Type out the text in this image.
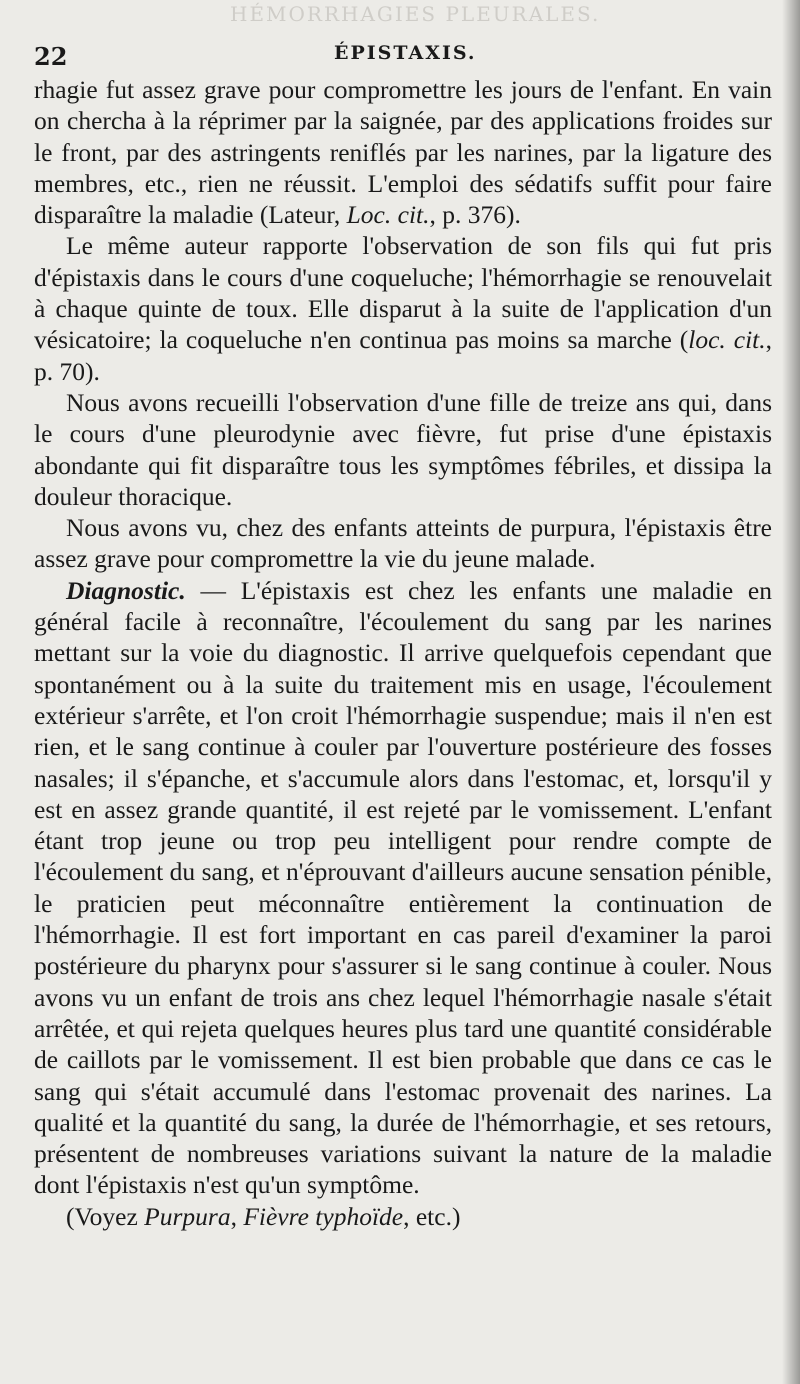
HÉMORRHAGIES PLEURALES.
22	ÉPISTAXIS.

rhagie fut assez grave pour compromettre les jours de l'enfant. En vain on chercha à la réprimer par la saignée, par des applications froides sur le front, par des astringents reniflés par les narines, par la ligature des membres, etc., rien ne réussit. L'emploi des sédatifs suffit pour faire disparaître la maladie (Lateur, Loc. cit., p. 376).

Le même auteur rapporte l'observation de son fils qui fut pris d'épistaxis dans le cours d'une coqueluche; l'hémorrhagie se renouvelait à chaque quinte de toux. Elle disparut à la suite de l'application d'un vésicatoire; la coqueluche n'en continua pas moins sa marche (loc. cit., p. 70).

Nous avons recueilli l'observation d'une fille de treize ans qui, dans le cours d'une pleurodynie avec fièvre, fut prise d'une épistaxis abondante qui fit disparaître tous les symptômes fébriles, et dissipa la douleur thoracique.

Nous avons vu, chez des enfants atteints de purpura, l'épistaxis être assez grave pour compromettre la vie du jeune malade.

Diagnostic. — L'épistaxis est chez les enfants une maladie en général facile à reconnaître, l'écoulement du sang par les narines mettant sur la voie du diagnostic. Il arrive quelquefois cependant que spontanément ou à la suite du traitement mis en usage, l'écoulement extérieur s'arrête, et l'on croit l'hémorrhagie suspendue; mais il n'en est rien, et le sang continue à couler par l'ouverture postérieure des fosses nasales; il s'épanche, et s'accumule alors dans l'estomac, et, lorsqu'il y est en assez grande quantité, il est rejeté par le vomissement. L'enfant étant trop jeune ou trop peu intelligent pour rendre compte de l'écoulement du sang, et n'éprouvant d'ailleurs aucune sensation pénible, le praticien peut méconnaître entièrement la continuation de l'hémorrhagie. Il est fort important en cas pareil d'examiner la paroi postérieure du pharynx pour s'assurer si le sang continue à couler. Nous avons vu un enfant de trois ans chez lequel l'hémorrhagie nasale s'était arrêtée, et qui rejeta quelques heures plus tard une quantité considérable de caillots par le vomissement. Il est bien probable que dans ce cas le sang qui s'était accumulé dans l'estomac provenait des narines. La qualité et la quantité du sang, la durée de l'hémorrhagie, et ses retours, présentent de nombreuses variations suivant la nature de la maladie dont l'épistaxis n'est qu'un symptôme.

(Voyez Purpura, Fièvre typhoïde, etc.)
